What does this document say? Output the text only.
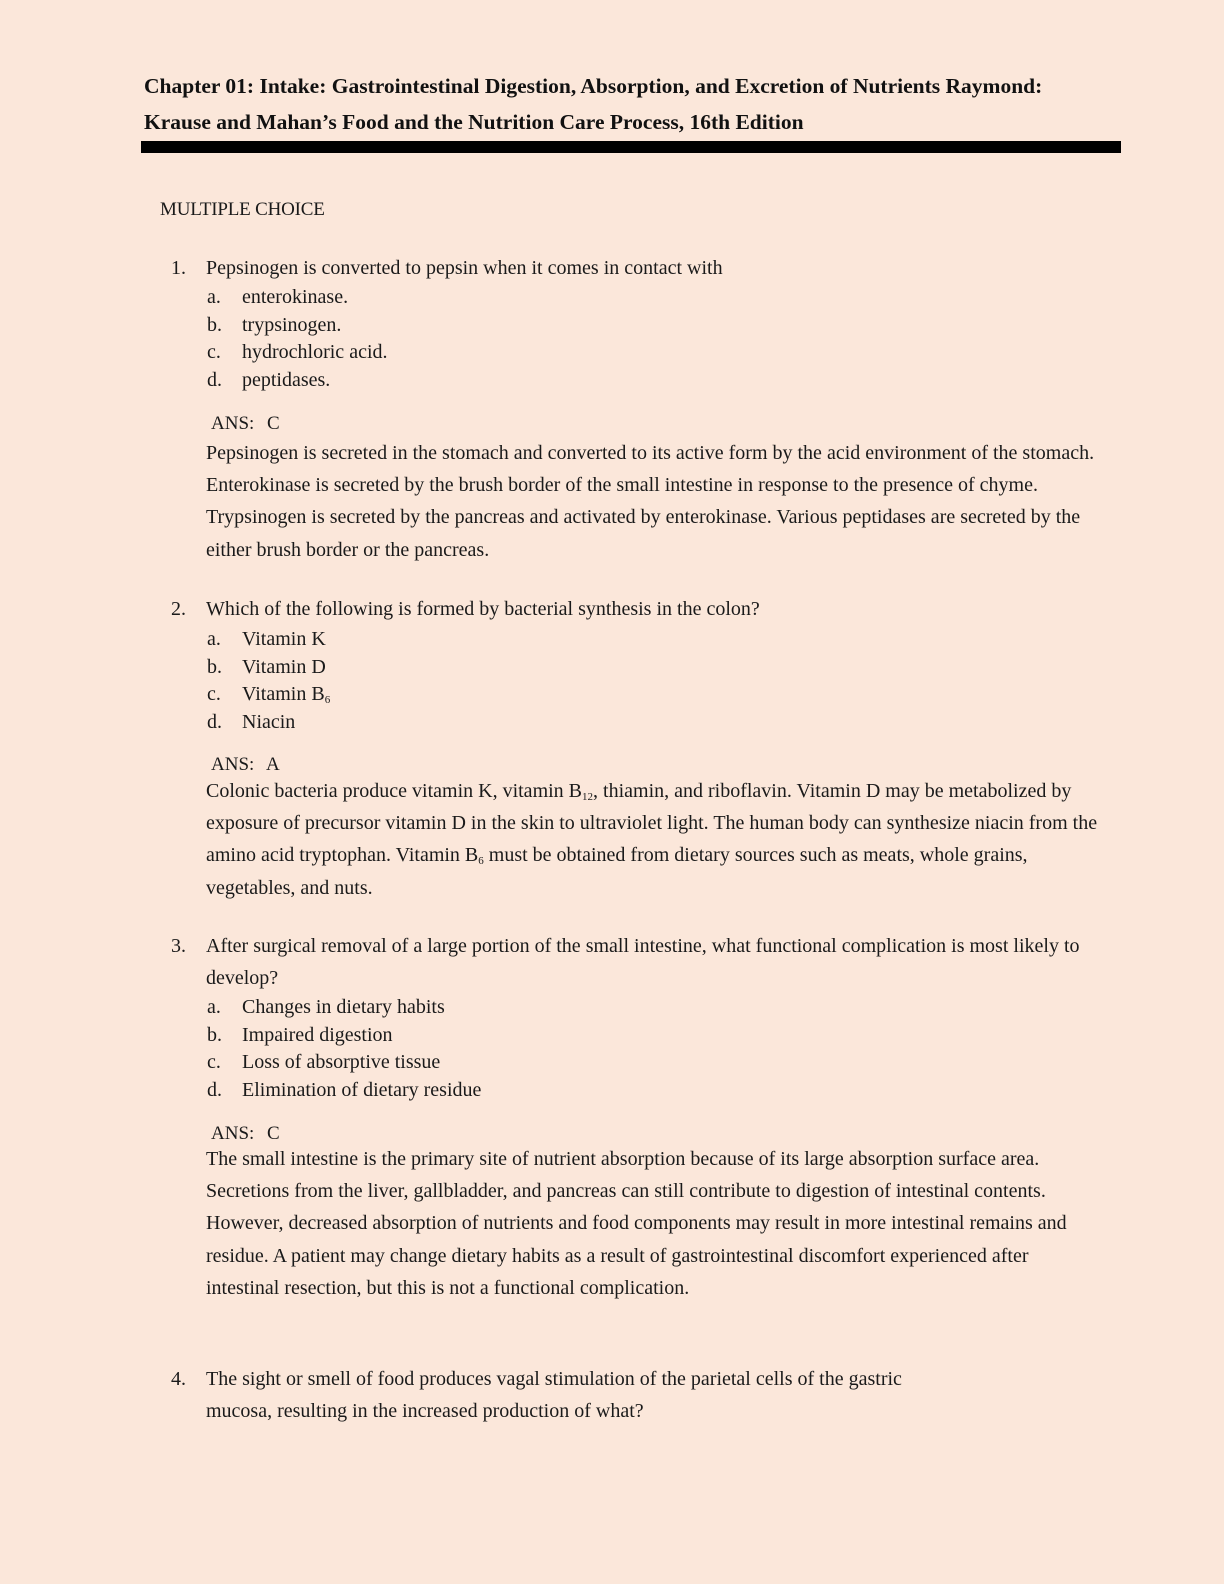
Chapter 01: Intake: Gastrointestinal Digestion, Absorption, and Excretion of Nutrients Raymond:
Krause and Mahan’s Food and the Nutrition Care Process, 16th Edition
MULTIPLE CHOICE
1. Pepsinogen is converted to pepsin when it comes in contact with
a.	enterokinase.
b.	trypsinogen.
c.	hydrochloric acid.
d.	peptidases.
ANS: C
Pepsinogen is secreted in the stomach and converted to its active form by the acid environment of the stomach. Enterokinase is secreted by the brush border of the small intestine in response to the presence of chyme. Trypsinogen is secreted by the pancreas and activated by enterokinase. Various peptidases are secreted by the either brush border or the pancreas.
2. Which of the following is formed by bacterial synthesis in the colon?
a.	Vitamin K
b.	Vitamin D
c.	Vitamin $B_6$
d.	Niacin
ANS: A
Colonic bacteria produce vitamin K, vitamin $B_{12}$, thiamin, and riboflavin. Vitamin D may be metabolized by exposure of precursor vitamin D in the skin to ultraviolet light. The human body can synthesize niacin from the amino acid tryptophan. Vitamin $B_6$ must be obtained from dietary sources such as meats, whole grains, vegetables, and nuts.
3. After surgical removal of a large portion of the small intestine, what functional complication is most likely to develop?
a.	Changes in dietary habits
b.	Impaired digestion
c.	Loss of absorptive tissue
d.	Elimination of dietary residue
ANS: C
The small intestine is the primary site of nutrient absorption because of its large absorption surface area. Secretions from the liver, gallbladder, and pancreas can still contribute to digestion of intestinal contents. However, decreased absorption of nutrients and food components may result in more intestinal remains and residue. A patient may change dietary habits as a result of gastrointestinal discomfort experienced after intestinal resection, but this is not a functional complication.
4. The sight or smell of food produces vagal stimulation of the parietal cells of the gastric
mucosa, resulting in the increased production of what?
